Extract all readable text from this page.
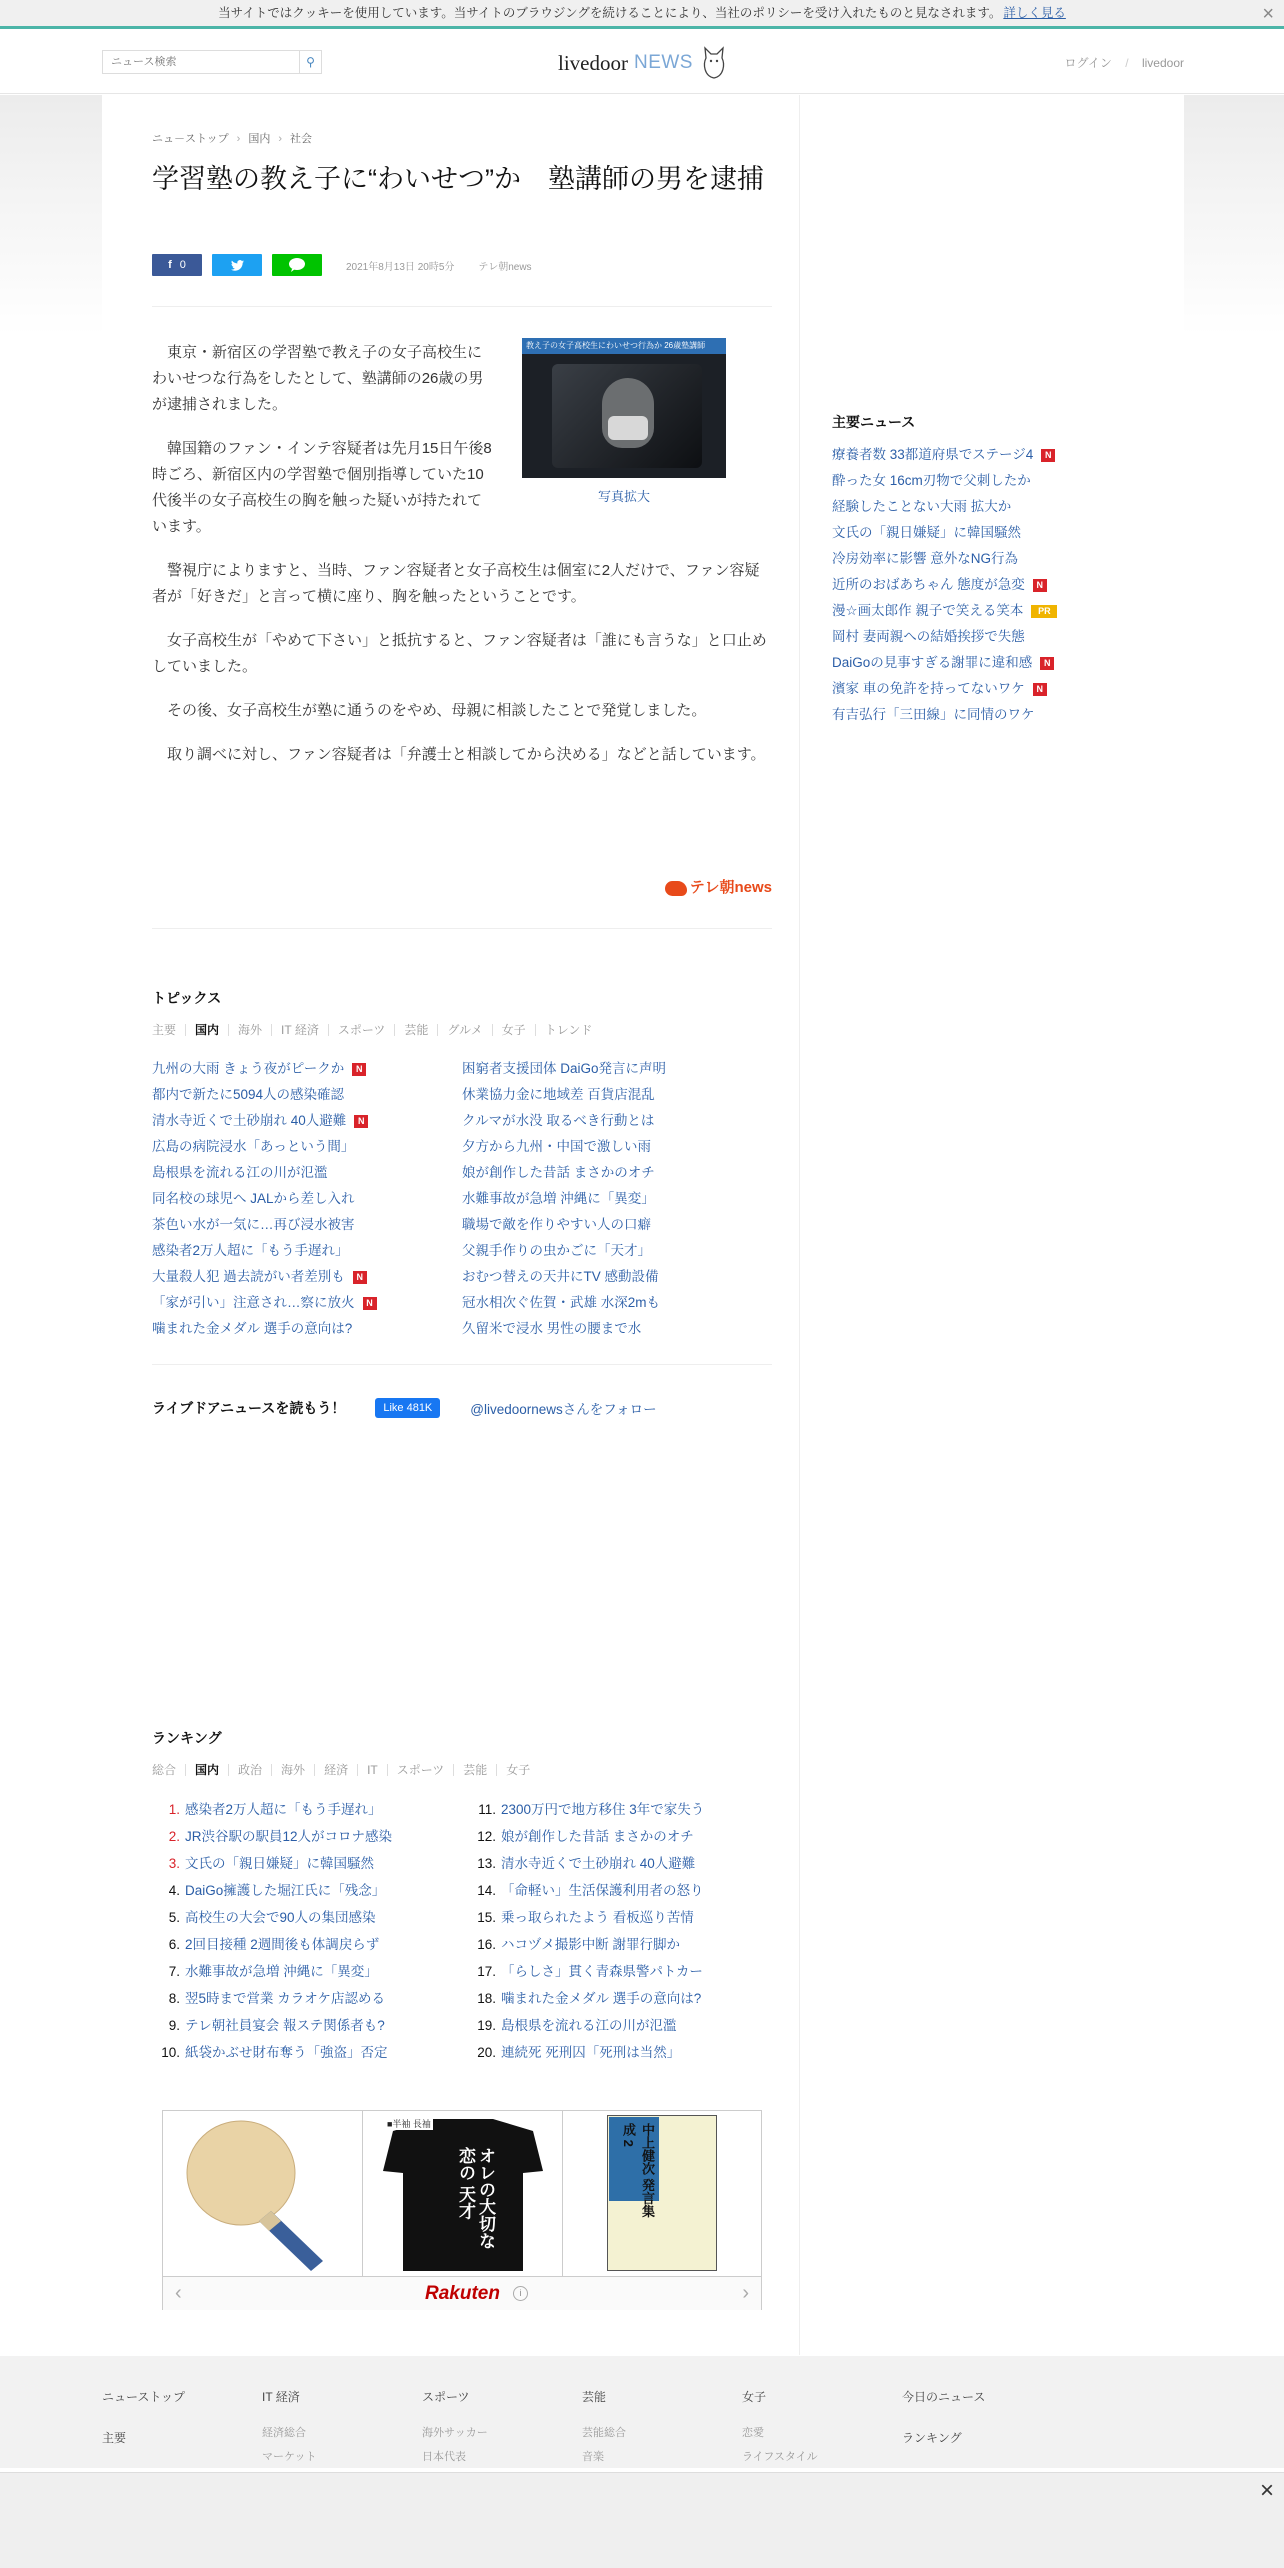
当サイトではクッキーを使用しています。当サイトのブラウジングを続けることにより、当社のポリシーを受け入れたものと見なされます。 詳しく見る	×
ニュース検索
⚲	livedoor NEWS	ログイン / livedoor
ニュ－ストップ › 国内 › 社会
学習塾の教え子に“わいせつ”か　塾講師の男を逮捕
f 0	2021年8月13日 20時5分 テレ朝news
教え子の女子高校生にわいせつ行為か 26歳塾講師
写真拡大

東京・新宿区の学習塾で教え子の女子高校生にわいせつな行為をしたとして、塾講師の26歳の男が逮捕されました。

韓国籍のファン・インテ容疑者は先月15日午後8時ごろ、新宿区内の学習塾で個別指導していた10代後半の女子高校生の胸を触った疑いが持たれています。

警視庁によりますと、当時、ファン容疑者と女子高校生は個室に2人だけで、ファン容疑者が「好きだ」と言って横に座り、胸を触ったということです。

女子高校生が「やめて下さい」と抵抗すると、ファン容疑者は「誰にも言うな」と口止めしていました。

その後、女子高校生が塾に通うのをやめ、母親に相談したことで発覚しました。

取り調べに対し、ファン容疑者は「弁護士と相談してから決める」などと話しています。

テレ朝news
トピックス
主要	国内	海外	IT 経済	スポーツ	芸能	グルメ	女子	トレンド
九州の大雨 きょう夜がピークか N	困窮者支援団体 DaiGo発言に声明
都内で新たに5094人の感染確認	休業協力金に地域差 百貨店混乱
清水寺近くで土砂崩れ 40人避難 N	クルマが水没 取るべき行動とは
広島の病院浸水「あっという間」	夕方から九州・中国で激しい雨
島根県を流れる江の川が氾濫	娘が創作した昔話 まさかのオチ
同名校の球児へ JALから差し入れ	水難事故が急増 沖縄に「異変」
茶色い水が一気に…再び浸水被害	職場で敵を作りやすい人の口癖
感染者2万人超に「もう手遅れ」	父親手作りの虫かごに「天才」
大量殺人犯 過去読がい者差別も N	おむつ替えの天井にTV 感動設備
「家が引い」注意され…察に放火 N	冠水相次ぐ佐賀・武雄 水深2mも
噛まれた金メダル 選手の意向は?	久留米で浸水 男性の腰まで水
ライブドアニュースを読もう！	Like 481K	@livedoornewsさんをフォロー
ランキング
総合	国内	政治	海外	経済	IT	スポーツ	芸能	女子
1. 感染者2万人超に「もう手遅れ」	11. 2300万円で地方移住 3年で家失う
2. JR渋谷駅の駅員12人がコロナ感染	12. 娘が創作した昔話 まさかのオチ
3. 文氏の「親日嫌疑」に韓国騒然	13. 清水寺近くで土砂崩れ 40人避難
4. DaiGo擁護した堀江氏に「残念」	14. 「命軽い」生活保護利用者の怒り
5. 高校生の大会で90人の集団感染	15. 乗っ取られたよう 看板巡り苦情
6. 2回目接種 2週間後も体調戻らず	16. ハコヅメ撮影中断 謝罪行脚か
7. 水難事故が急増 沖縄に「異変」	17. 「らしさ」貫く青森県警パトカー
8. 翌5時まで営業 カラオケ店認める	18. 噛まれた金メダル 選手の意向は?
9. テレ朝社員宴会 報ステ関係者も?	19. 島根県を流れる江の川が氾濫
10. 紙袋かぶせ財布奪う「強盗」否定	20. 連続死 死刑囚「死刑は当然」
■半袖 長袖
オレの大切な恋の 天才	中上健次 発言集成 2
‹	Rakuten	i	›
主要ニュース
療養者数 33都道府県でステージ4 N
酔った女 16cm刃物で父刺したか
経験したことない大雨 拡大か
文氏の「親日嫌疑」に韓国騒然
冷房効率に影響 意外なNG行為
近所のおばあちゃん 態度が急変 N
漫☆画太郎作 親子で笑える笑本 PR
岡村 妻両親への結婚挨拶で失態
DaiGoの見事すぎる謝罪に違和感 N
濱家 車の免許を持ってないワケ N
有吉弘行「三田線」に同情のワケ
ニューストップ
主要
IT 経済
経済総合
マーケット
スポーツ
海外サッカー
日本代表
芸能
芸能総合
音楽
女子
恋愛
ライフスタイル
今日のニュース
ランキング
×
